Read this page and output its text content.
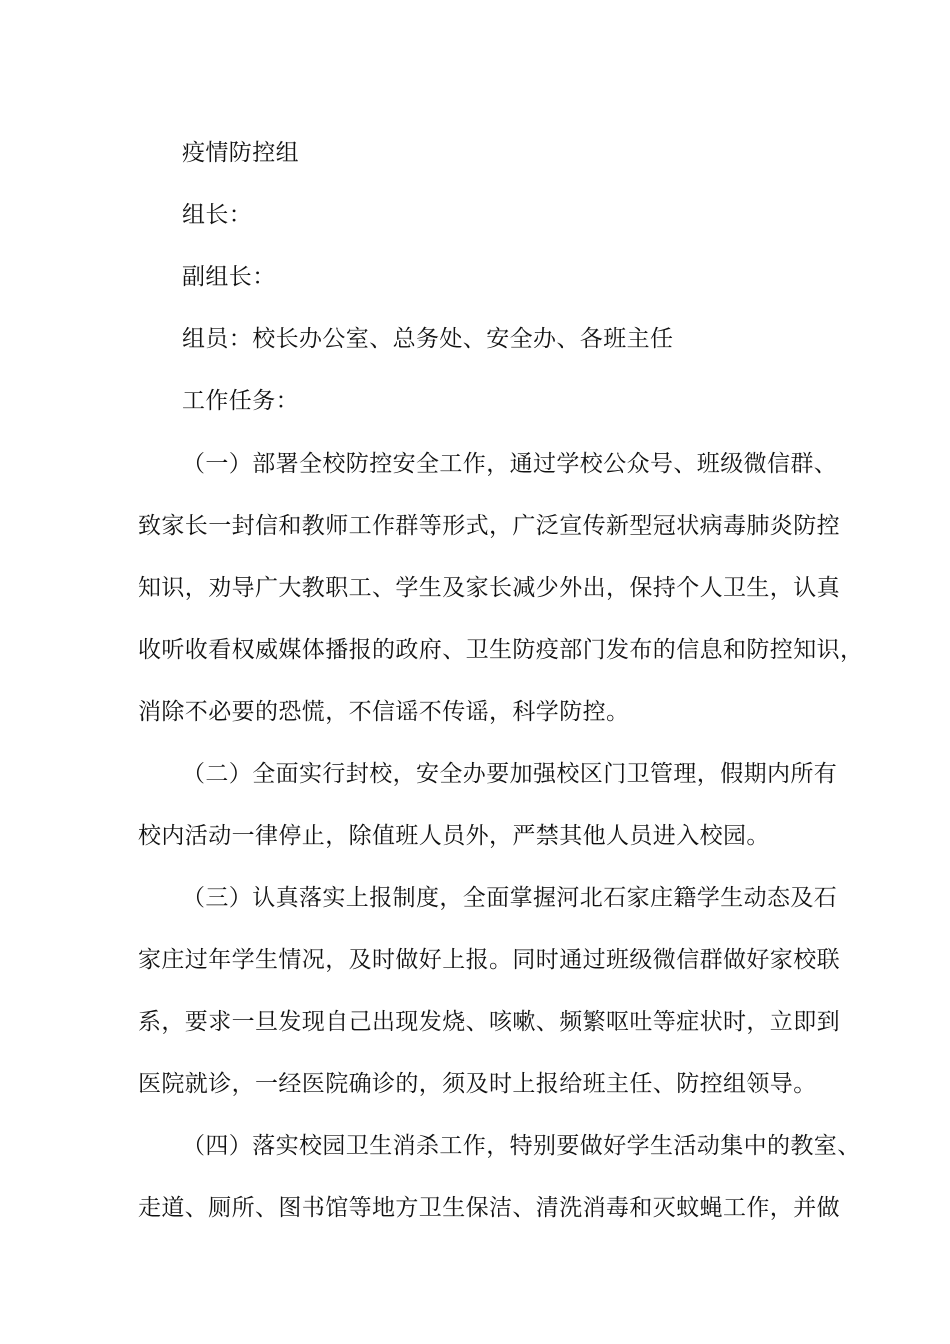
疫情防控组
组长：
副组长：
组员：校长办公室、总务处、安全办、各班主任
工作任务：
（一）部署全校防控安全工作，通过学校公众号、班级微信群、
致家长一封信和教师工作群等形式，广泛宣传新型冠状病毒肺炎防控
知识，劝导广大教职工、学生及家长减少外出，保持个人卫生，认真
收听收看权威媒体播报的政府、卫生防疫部门发布的信息和防控知识，
消除不必要的恐慌，不信谣不传谣，科学防控。
（二）全面实行封校，安全办要加强校区门卫管理，假期内所有
校内活动一律停止，除值班人员外，严禁其他人员进入校园。
（三）认真落实上报制度，全面掌握河北石家庄籍学生动态及石
家庄过年学生情况，及时做好上报。同时通过班级微信群做好家校联
系，要求一旦发现自己出现发烧、咳嗽、频繁呕吐等症状时，立即到
医院就诊，一经医院确诊的，须及时上报给班主任、防控组领导。
（四）落实校园卫生消杀工作，特别要做好学生活动集中的教室、
走道、厕所、图书馆等地方卫生保洁、清洗消毒和灭蚊蝇工作，并做
